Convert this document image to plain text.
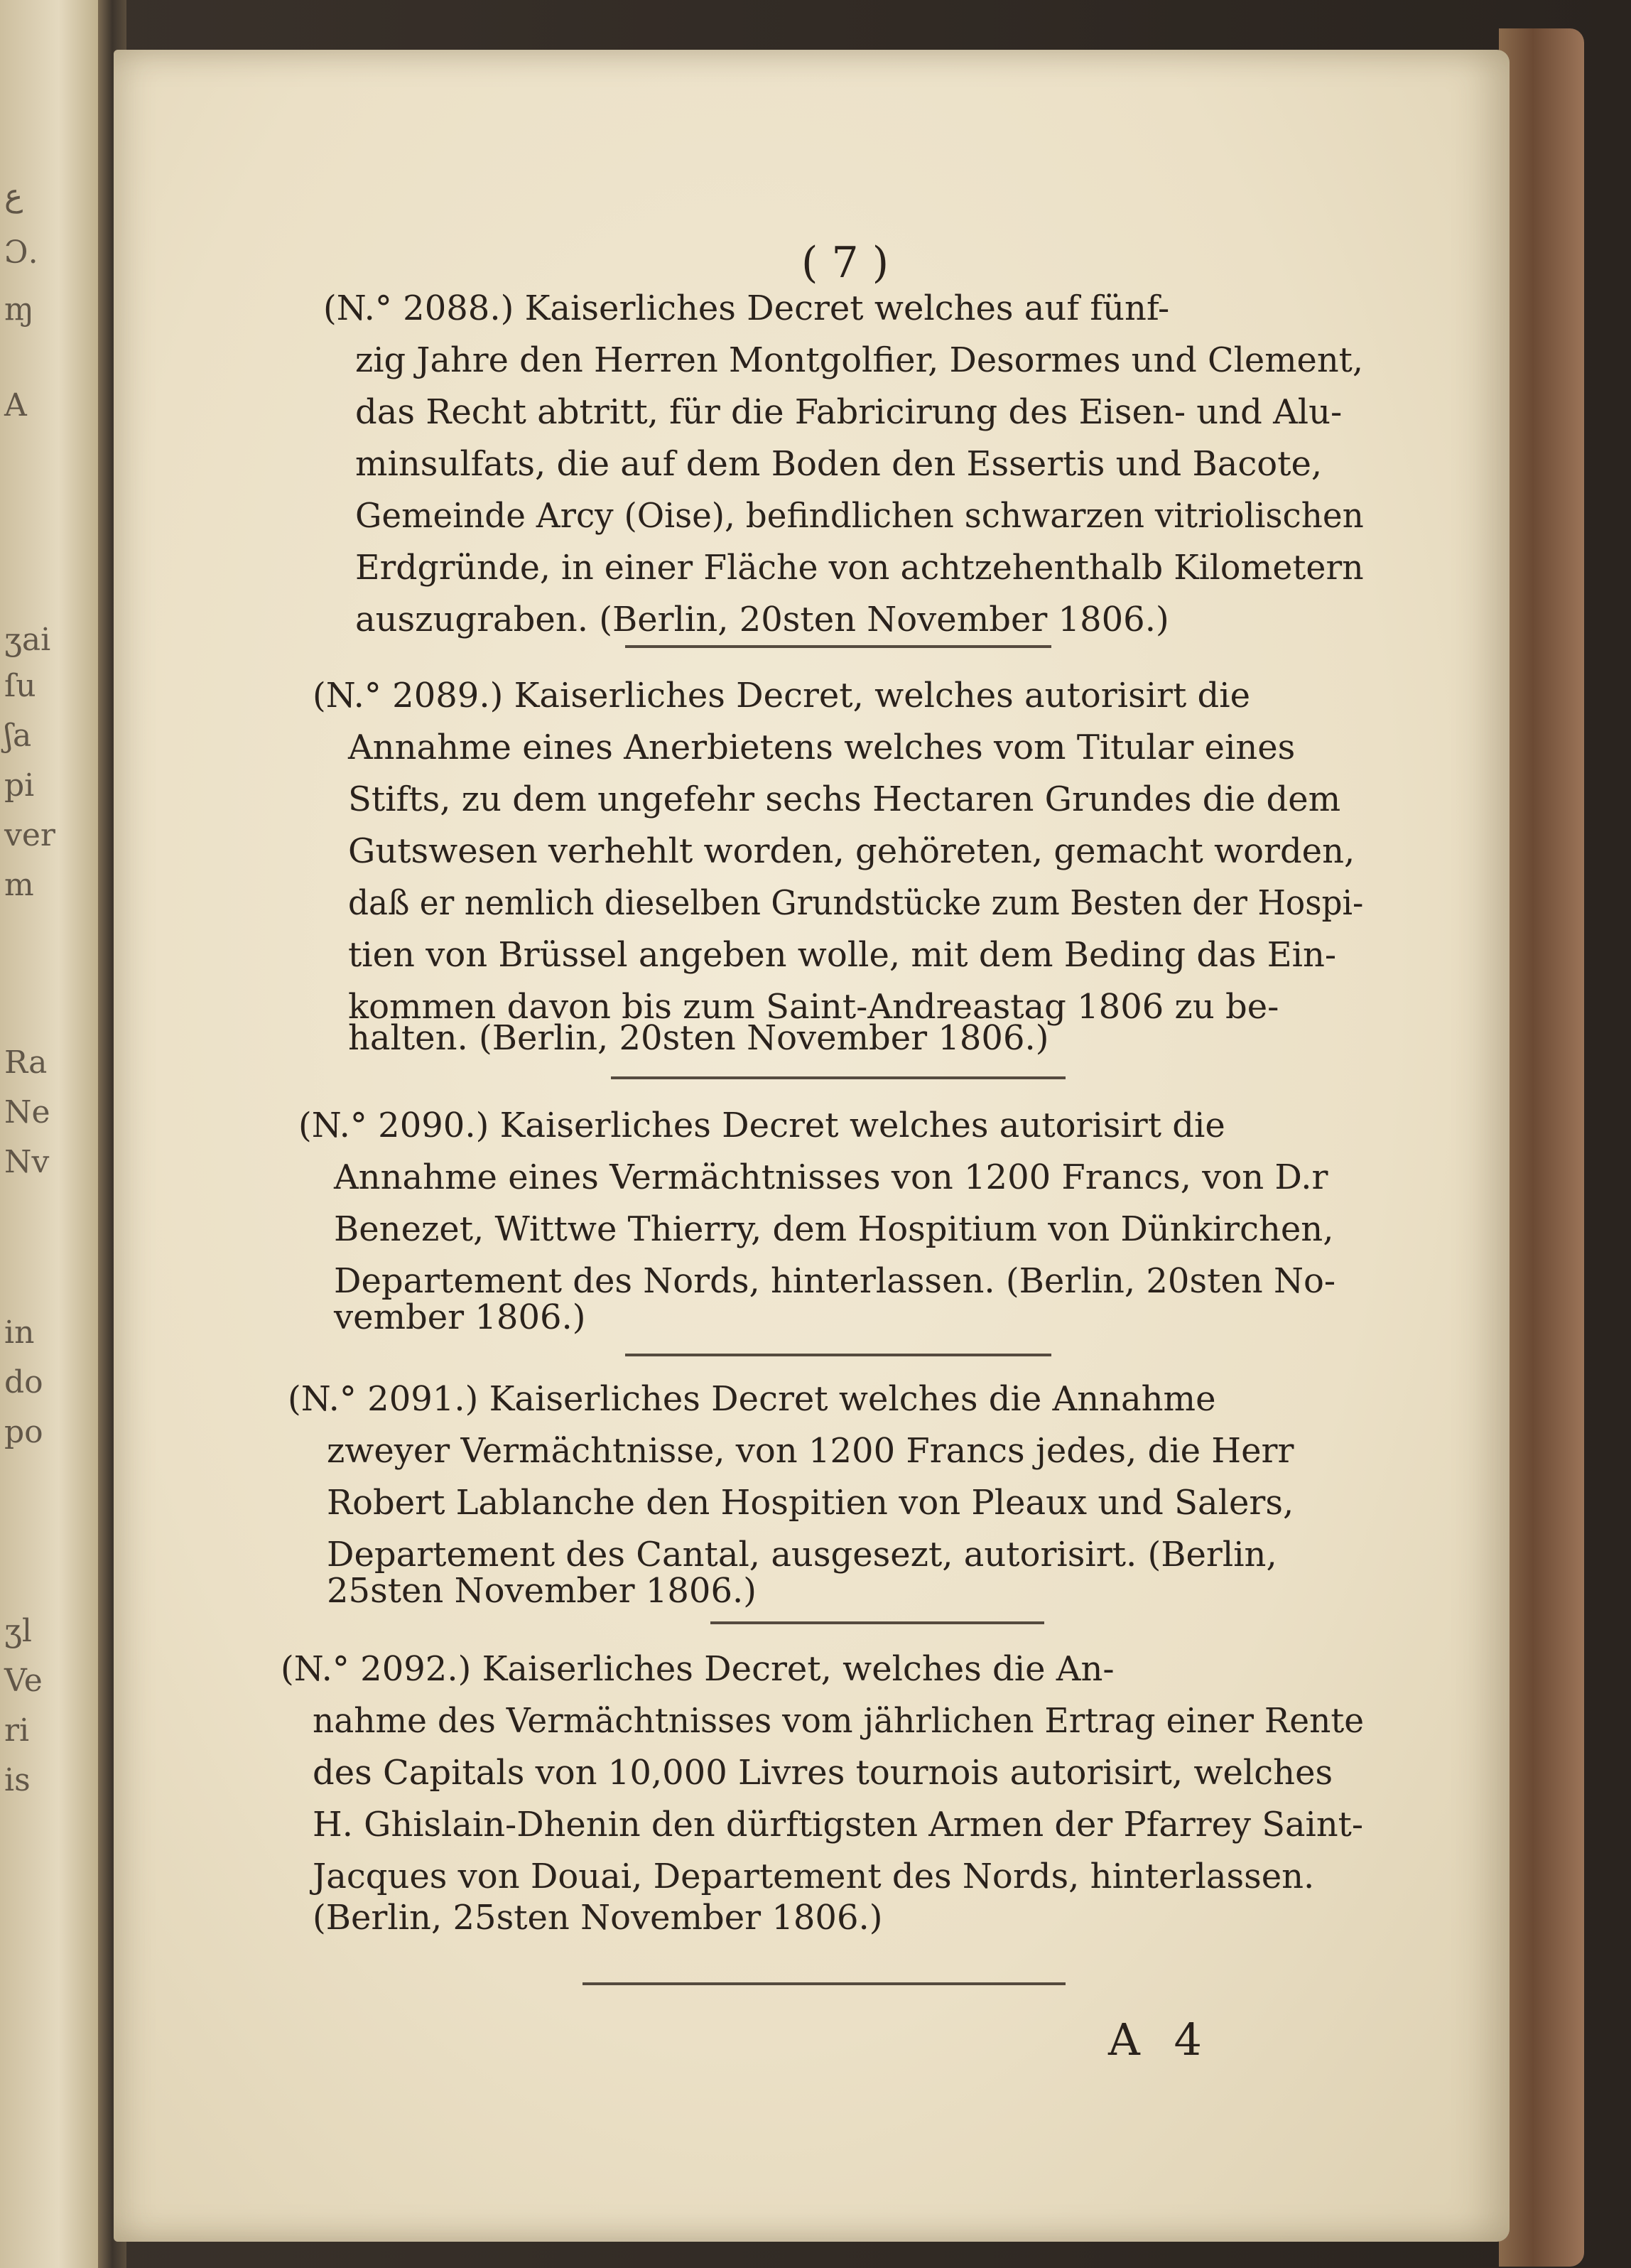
ع
Ɔ.
ɱ
A
ʒai
ſu
ʃa
pi
ver
m
Ra
Ne
Nv
in
do
po
ʒl
Ve
ri
is
( 7 )
(N.° 2088.) Kaiserliches Decret welches auf fünf-
zig Jahre den Herren Montgolfier, Desormes und Clement,
das Recht abtritt, für die Fabricirung des Eisen- und Alu-
minsulfats, die auf dem Boden den Essertis und Bacote,
Gemeinde Arcy (Oise), befindlichen schwarzen vitriolischen
Erdgründe, in einer Fläche von achtzehenthalb Kilometern
auszugraben. (Berlin, 20sten November 1806.)
(N.° 2089.) Kaiserliches Decret, welches autorisirt die
Annahme eines Anerbietens welches vom Titular eines
Stifts, zu dem ungefehr sechs Hectaren Grundes die dem
Gutswesen verhehlt worden, gehöreten, gemacht worden,
daß er nemlich dieselben Grundstücke zum Besten der Hospi-
tien von Brüssel angeben wolle, mit dem Beding das Ein-
kommen davon bis zum Saint-Andreastag 1806 zu be-
halten. (Berlin, 20sten November 1806.)
(N.° 2090.) Kaiserliches Decret welches autorisirt die
Annahme eines Vermächtnisses von 1200 Francs, von D.r
Benezet, Wittwe Thierry, dem Hospitium von Dünkirchen,
Departement des Nords, hinterlassen. (Berlin, 20sten No-
vember 1806.)
(N.° 2091.) Kaiserliches Decret welches die Annahme
zweyer Vermächtnisse, von 1200 Francs jedes, die Herr
Robert Lablanche den Hospitien von Pleaux und Salers,
Departement des Cantal, ausgesezt, autorisirt. (Berlin,
25sten November 1806.)
(N.° 2092.) Kaiserliches Decret, welches die An-
nahme des Vermächtnisses vom jährlichen Ertrag einer Rente
des Capitals von 10,000 Livres tournois autorisirt, welches
H. Ghislain-Dhenin den dürftigsten Armen der Pfarrey Saint-
Jacques von Douai, Departement des Nords, hinterlassen.
(Berlin, 25sten November 1806.)
A 4
